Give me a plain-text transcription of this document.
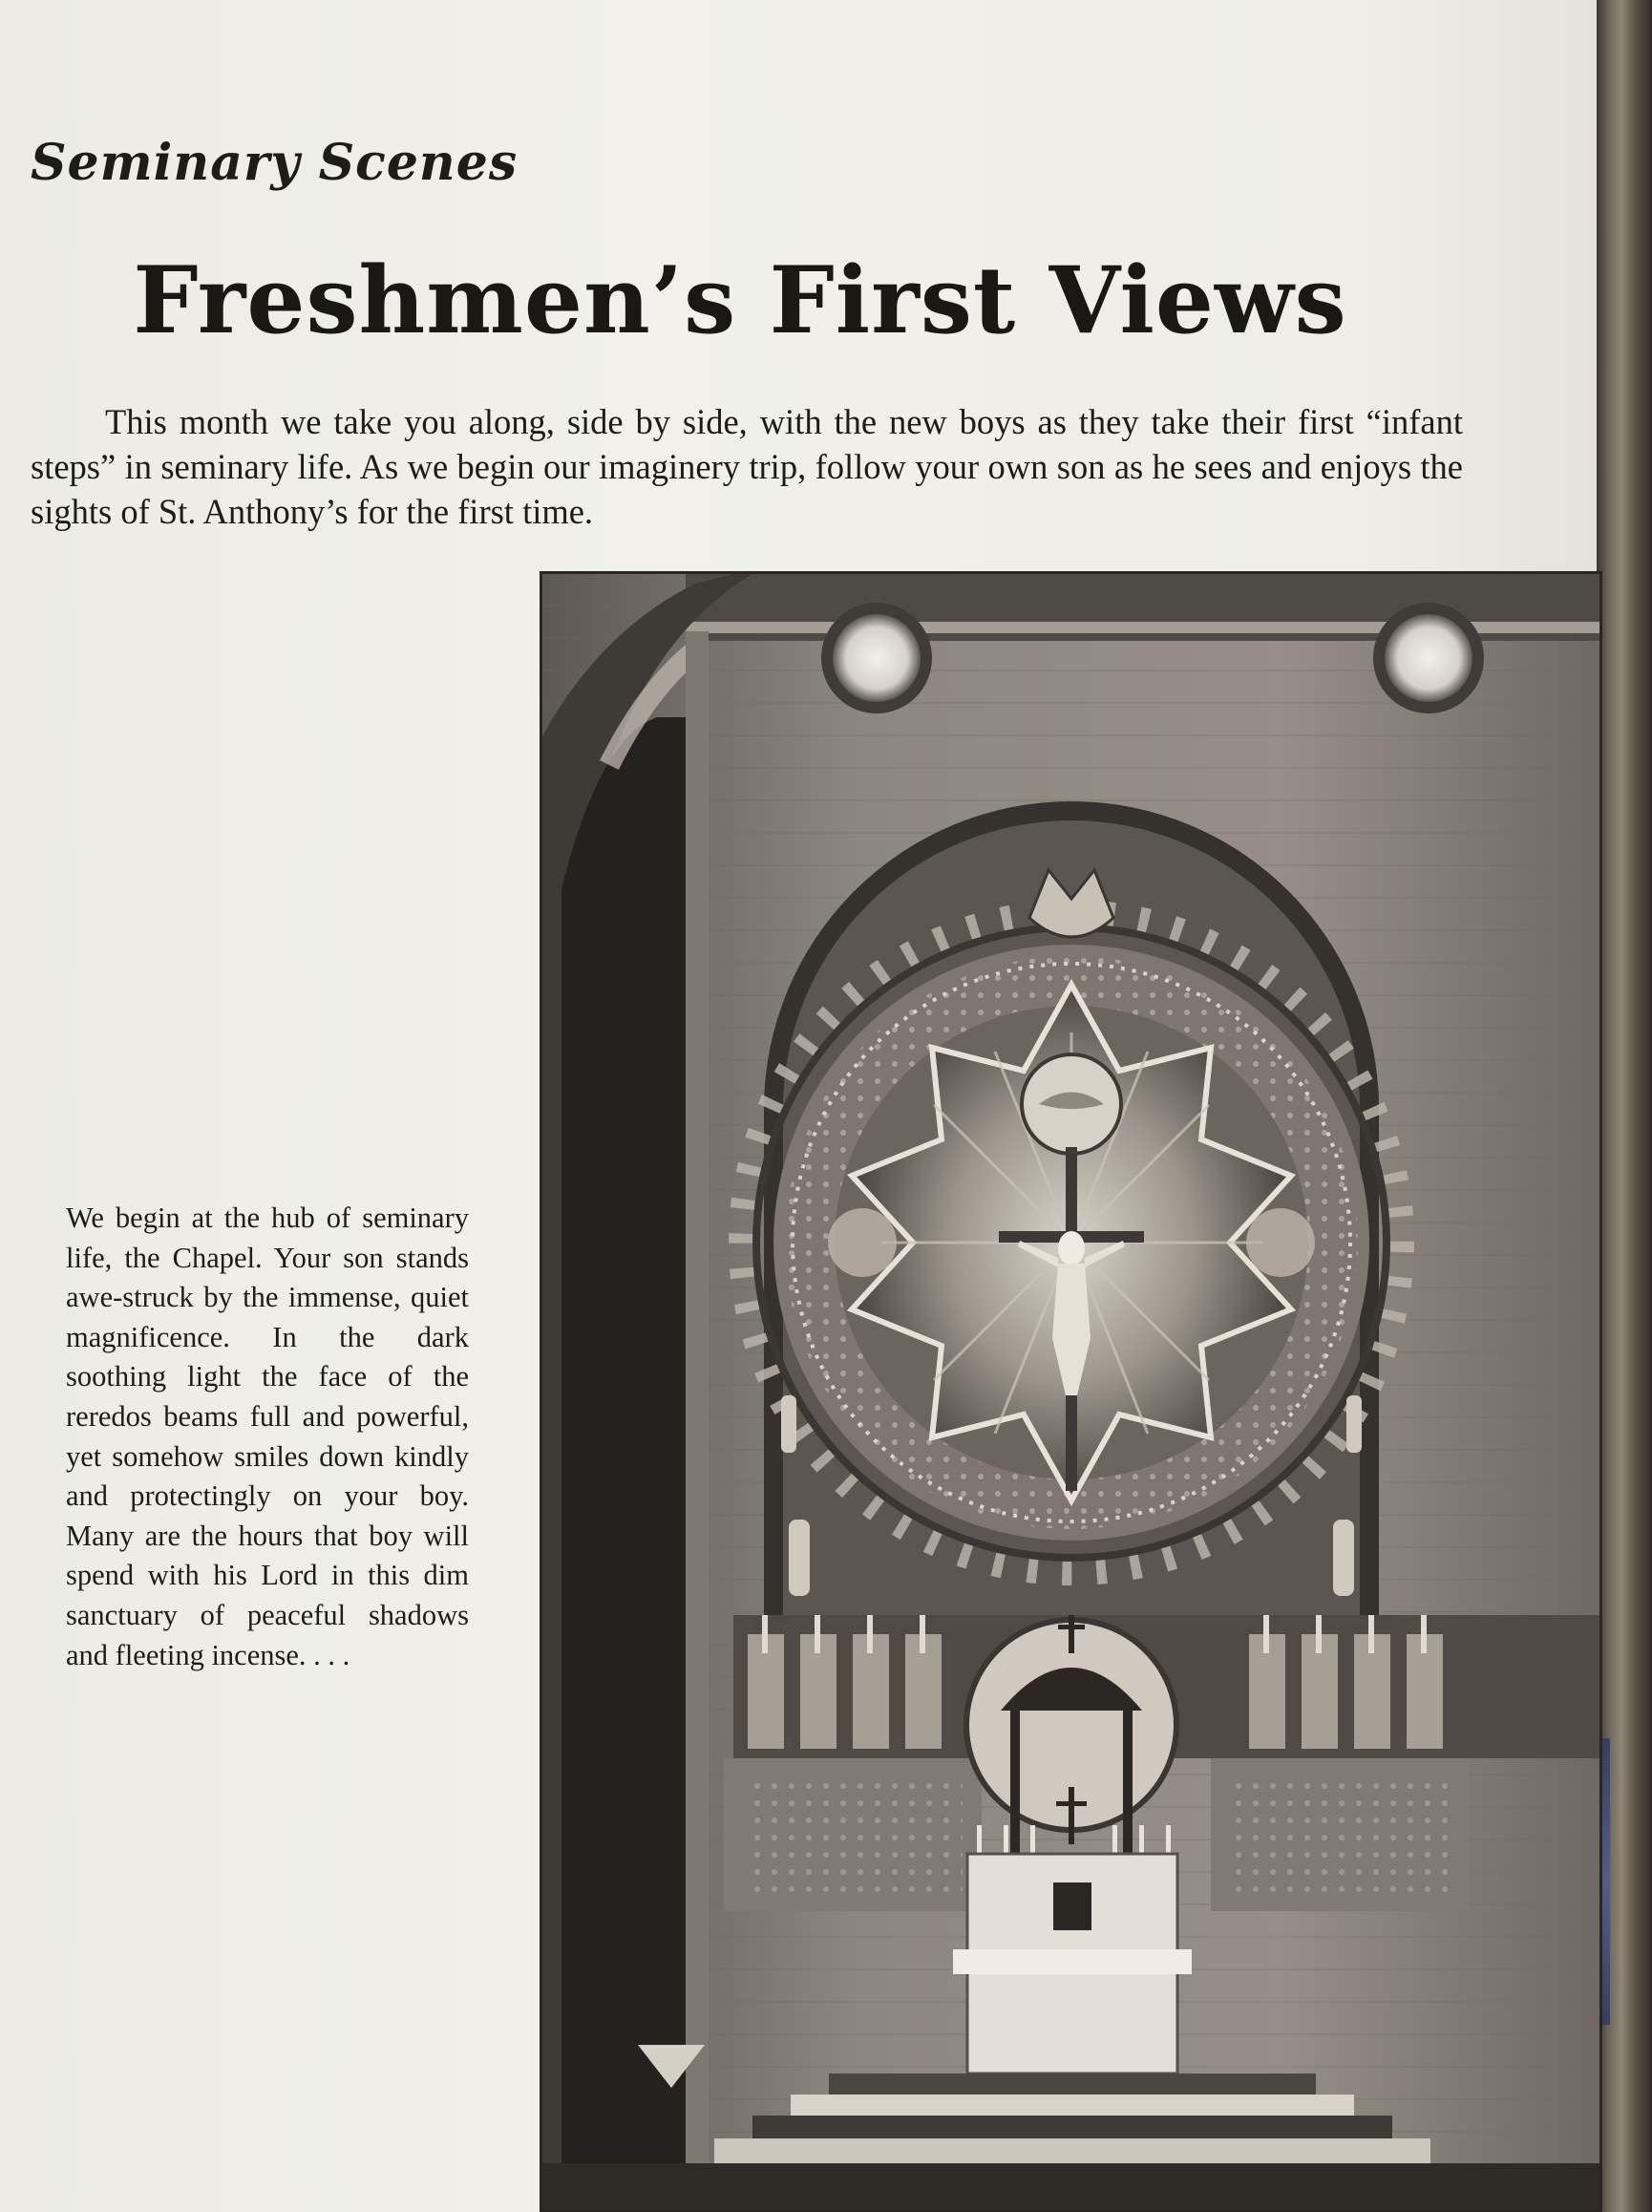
Seminary Scenes
Freshmen’s First Views

This month we take you along, side by side, with the new boys as they take their first “infant steps” in seminary life. As we begin our imaginery trip, follow your own son as he sees and enjoys the sights of St. Anthony’s for the first time.

We begin at the hub of seminary life, the Chapel. Your son stands awe-struck by the immense, quiet magnificence. In the dark soothing light the face of the reredos beams full and powerful, yet somehow smiles down kindly and protectingly on your boy. Many are the hours that boy will spend with his Lord in this dim sanctuary of peaceful shadows and fleeting incense. . . .
